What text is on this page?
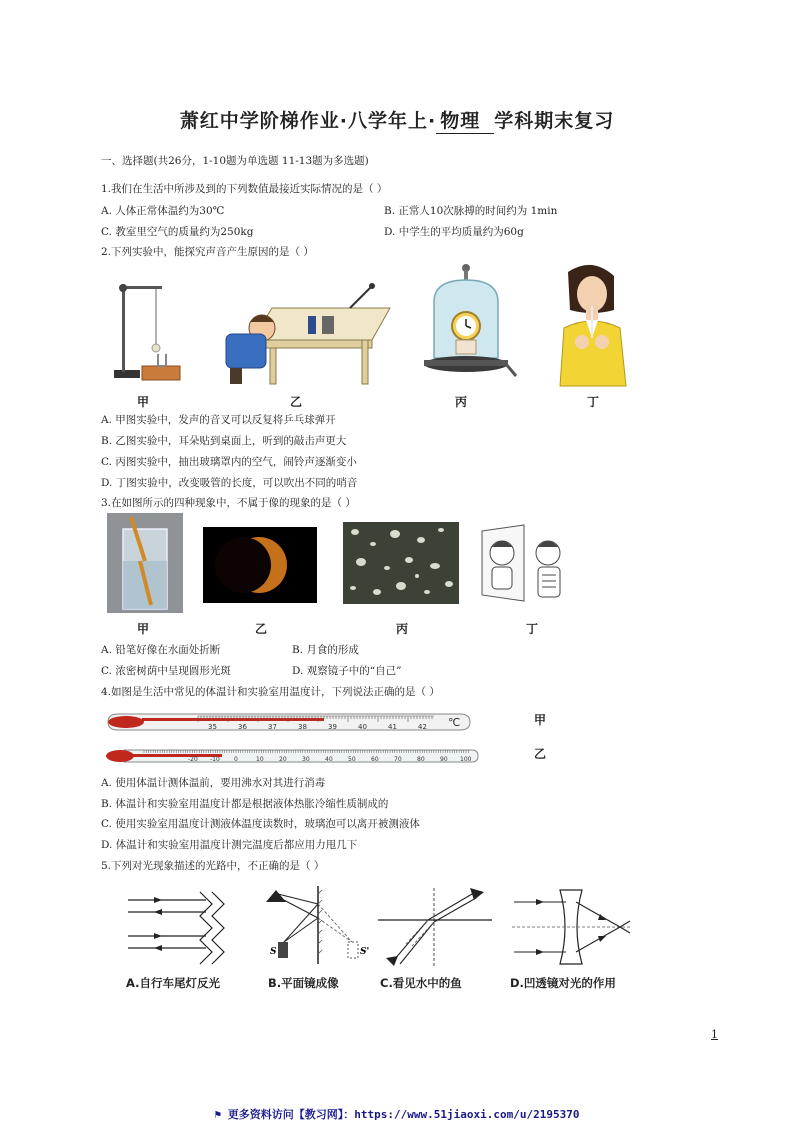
萧红中学阶梯作业·八学年上· 物理 学科期末复习
一、选择题(共26分，1-10题为单选题 11-13题为多选题)
1.我们在生活中所涉及到的下列数值最接近实际情况的是（ ）
A. 人体正常体温约为30℃	B. 正常人10次脉搏的时间约为 1min
C. 教室里空气的质量约为250kg	D. 中学生的平均质量约为60g
2.下列实验中，能探究声音产生原因的是（ ）
甲	乙	丙	丁
A. 甲图实验中，发声的音叉可以反复将乒乓球弹开
B. 乙图实验中，耳朵贴到桌面上，听到的敲击声更大
C. 丙图实验中，抽出玻璃罩内的空气，闹铃声逐渐变小
D. 丁图实验中，改变吸管的长度，可以吹出不同的哨音
3.在如图所示的四种现象中，不属于像的现象的是（ ）
甲	乙	丙	丁
A. 铅笔好像在水面处折断	B. 月食的形成
C. 浓密树荫中呈现圆形光斑	D. 观察镜子中的“自己”
4.如图是生活中常见的体温计和实验室用温度计，下列说法正确的是（ ）
35	36	37	38	39	40	41	42 ℃
-20 -10 0	10	20	30	40	50	60	70	80	90 100
甲
乙
A. 使用体温计测体温前，要用沸水对其进行消毒
B. 体温计和实验室用温度计都是根据液体热胀冷缩性质制成的
C. 使用实验室用温度计测液体温度读数时，玻璃泡可以离开被测液体
D. 体温计和实验室用温度计测完温度后都应用力甩几下
5.下列对光现象描述的光路中，不正确的是（ ）
S	S'
A.自行车尾灯反光	B.平面镜成像	C.看见水中的鱼	D.凹透镜对光的作用
1
⚑ 更多资料访问【教习网】：https://www.51jiaoxi.com/u/2195370
